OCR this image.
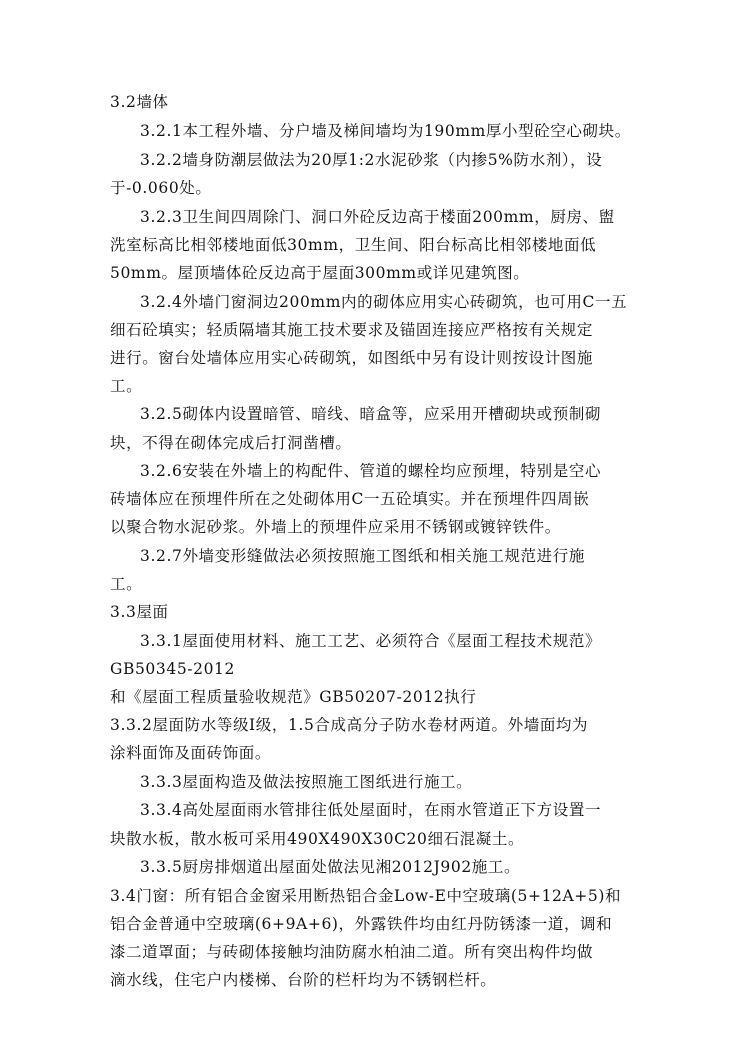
3.2墙体
3.2.1本工程外墙、分户墙及梯间墙均为190mm厚小型砼空心砌块。
3.2.2墙身防潮层做法为20厚1:2水泥砂浆（内掺5%防水剂），设
于-0.060处。
3.2.3卫生间四周除门、洞口外砼反边高于楼面200mm，厨房、盥
洗室标高比相邻楼地面低30mm，卫生间、阳台标高比相邻楼地面低
50mm。屋顶墙体砼反边高于屋面300mm或详见建筑图。
3.2.4外墙门窗洞边200mm内的砌体应用实心砖砌筑，也可用C一五
细石砼填实；轻质隔墙其施工技术要求及锚固连接应严格按有关规定
进行。窗台处墙体应用实心砖砌筑，如图纸中另有设计则按设计图施
工。
3.2.5砌体内设置暗管、暗线、暗盒等，应采用开槽砌块或预制砌
块，不得在砌体完成后打洞凿槽。
3.2.6安装在外墙上的构配件、管道的螺栓均应预埋，特别是空心
砖墙体应在预埋件所在之处砌体用C一五砼填实。并在预埋件四周嵌
以聚合物水泥砂浆。外墙上的预埋件应采用不锈钢或镀锌铁件。
3.2.7外墙变形缝做法必须按照施工图纸和相关施工规范进行施
工。
3.3屋面
3.3.1屋面使用材料、施工工艺、必须符合《屋面工程技术规范》
GB50345-2012
和《屋面工程质量验收规范》GB50207-2012执行
3.3.2屋面防水等级I级，1.5合成高分子防水卷材两道。外墙面均为
涂料面饰及面砖饰面。
3.3.3屋面构造及做法按照施工图纸进行施工。
3.3.4高处屋面雨水管排往低处屋面时，在雨水管道正下方设置一
块散水板，散水板可采用490X490X30C20细石混凝土。
3.3.5厨房排烟道出屋面处做法见湘2012J902施工。
3.4门窗：所有铝合金窗采用断热铝合金Low-E中空玻璃(5+12A+5)和
铝合金普通中空玻璃(6+9A+6)，外露铁件均由红丹防锈漆一道，调和
漆二道罩面；与砖砌体接触均油防腐水柏油二道。所有突出构件均做
滴水线，住宅户内楼梯、台阶的栏杆均为不锈钢栏杆。
